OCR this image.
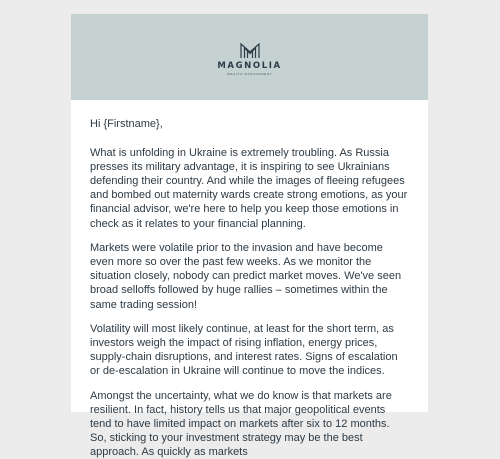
MAGNOLIA
WEALTH MANAGEMENT

Hi {Firstname},

What is unfolding in Ukraine is extremely troubling. As Russia presses its military advantage, it is inspiring to see Ukrainians defending their country. And while the images of fleeing refugees and bombed out maternity wards create strong emotions, as your financial advisor, we're here to help you keep those emotions in check as it relates to your financial planning.

Markets were volatile prior to the invasion and have become even more so over the past few weeks. As we monitor the situation closely, nobody can predict market moves. We've seen broad selloffs followed by huge rallies – sometimes within the same trading session!

Volatility will most likely continue, at least for the short term, as investors weigh the impact of rising inflation, energy prices, supply-chain disruptions, and interest rates. Signs of escalation or de-escalation in Ukraine will continue to move the indices.

Amongst the uncertainty, what we do know is that markets are resilient. In fact, history tells us that major geopolitical events tend to have limited impact on markets after six to 12 months. So, sticking to your investment strategy may be the best approach. As quickly as markets
